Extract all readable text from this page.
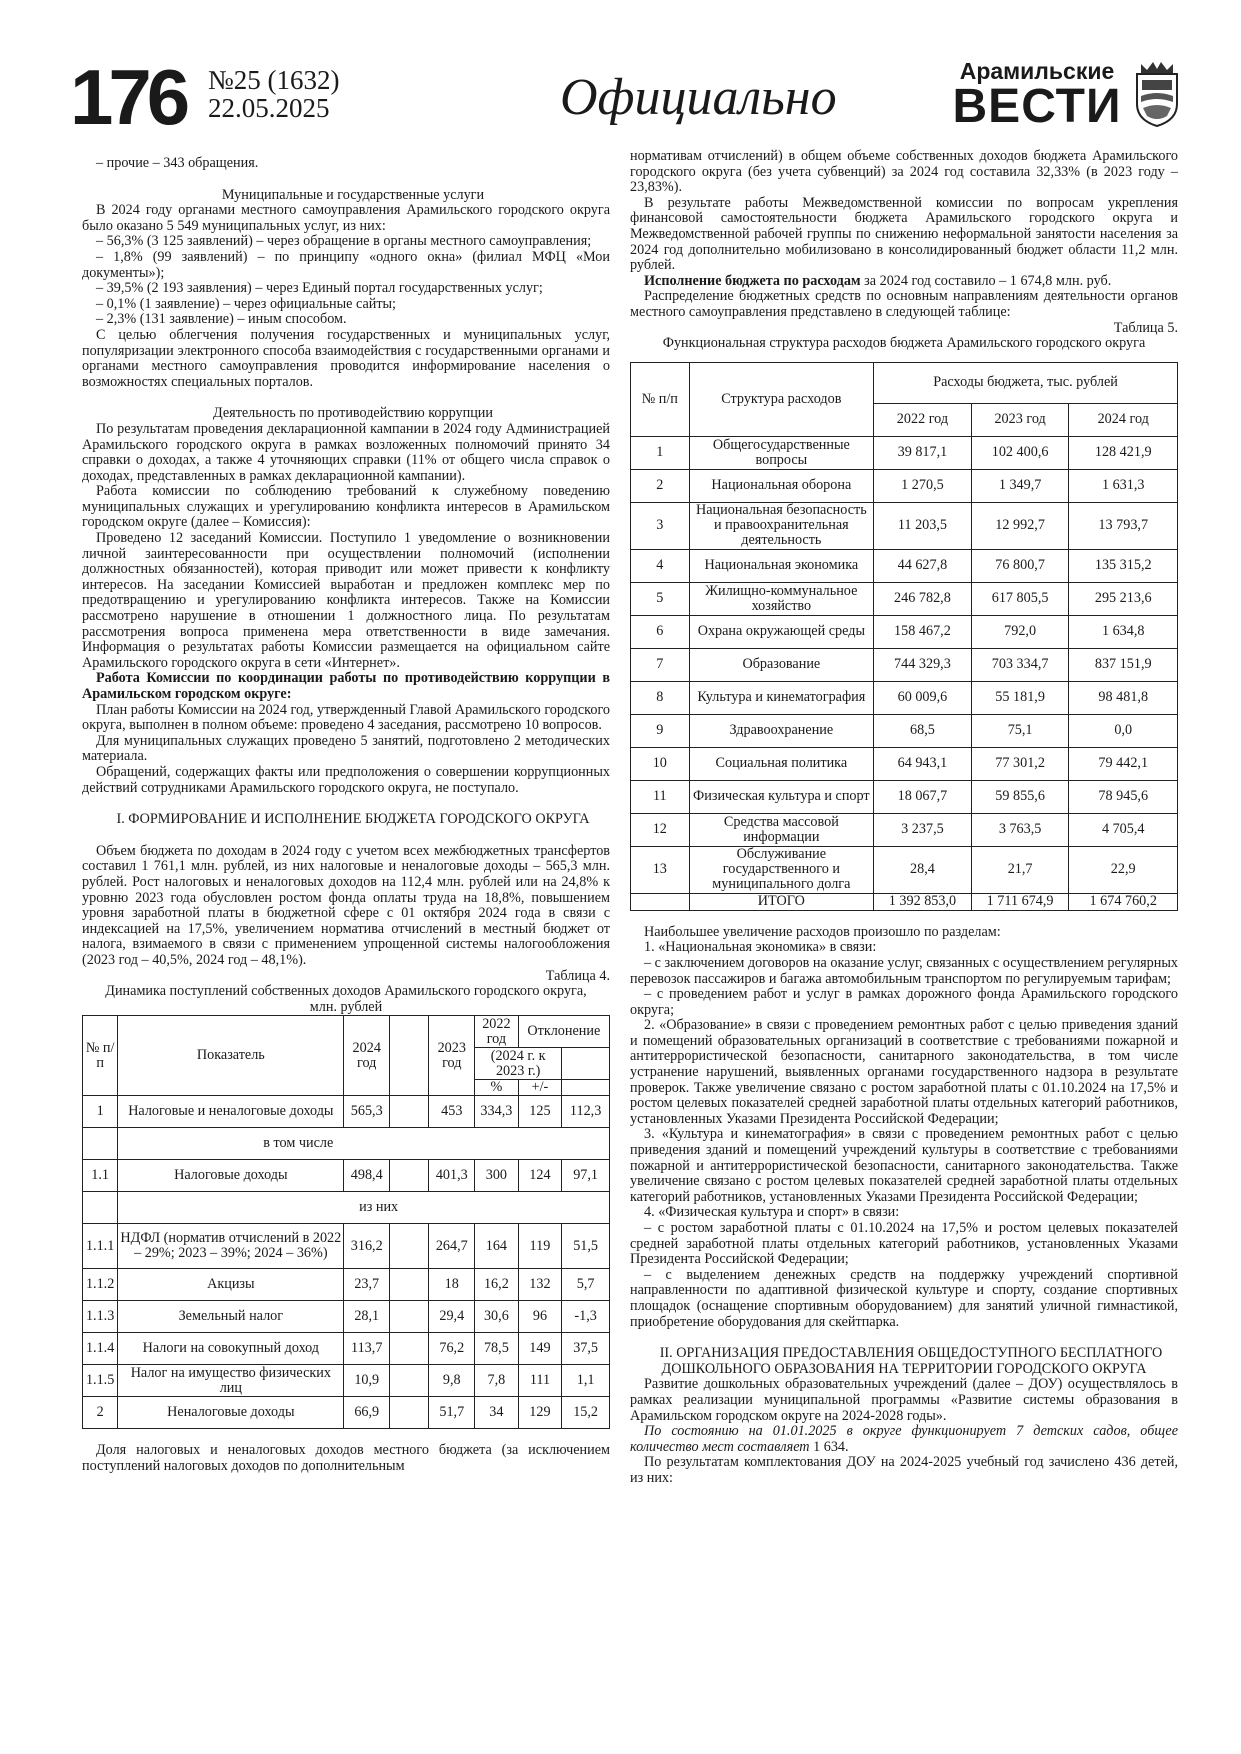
176 №25 (1632)
22.05.2025	Официально	Арамильские
ВЕСТИ

– прочие – 343 обращения.

Муниципальные и государственные услуги

В 2024 году органами местного самоуправления Арамильского городского округа было оказано 5 549 муниципальных услуг, из них:

– 56,3% (3 125 заявлений) – через обращение в органы местного самоуправления;

– 1,8% (99 заявлений) – по принципу «одного окна» (филиал МФЦ «Мои документы»);

– 39,5% (2 193 заявления) – через Единый портал государственных услуг;

– 0,1% (1 заявление) – через официальные сайты;

– 2,3% (131 заявление) – иным способом.

С целью облегчения получения государственных и муниципальных услуг, популяризации электронного способа взаимодействия с государственными органами и органами местного самоуправления проводится информирование населения о возможностях специальных порталов.

Деятельность по противодействию коррупции

По результатам проведения декларационной кампании в 2024 году Администрацией Арамильского городского округа в рамках возложенных полномочий принято 34 справки о доходах, а также 4 уточняющих справки (11% от общего числа справок о доходах, представленных в рамках декларационной кампании).

Работа комиссии по соблюдению требований к служебному поведению муниципальных служащих и урегулированию конфликта интересов в Арамильском городском округе (далее – Комиссия):

Проведено 12 заседаний Комиссии. Поступило 1 уведомление о возникновении личной заинтересованности при осуществлении полномочий (исполнении должностных обязанностей), которая приводит или может привести к конфликту интересов. На заседании Комиссией выработан и предложен комплекс мер по предотвращению и урегулированию конфликта интересов. Также на Комиссии рассмотрено нарушение в отношении 1 должностного лица. По результатам рассмотрения вопроса применена мера ответственности в виде замечания. Информация о результатах работы Комиссии размещается на официальном сайте Арамильского городского округа в сети «Интернет».

Работа Комиссии по координации работы по противодействию коррупции в Арамильском городском округе:

План работы Комиссии на 2024 год, утвержденный Главой Арамильского городского округа, выполнен в полном объеме: проведено 4 заседания, рассмотрено 10 вопросов.

Для муниципальных служащих проведено 5 занятий, подготовлено 2 методических материала.

Обращений, содержащих факты или предположения о совершении коррупционных действий сотрудниками Арамильского городского округа, не поступало.

I. ФОРМИРОВАНИЕ И ИСПОЛНЕНИЕ БЮДЖЕТА ГОРОДСКОГО ОКРУГА

Объем бюджета по доходам в 2024 году с учетом всех межбюджетных трансфертов составил 1 761,1 млн. рублей, из них налоговые и неналоговые доходы – 565,3 млн. рублей. Рост налоговых и неналоговых доходов на 112,4 млн. рублей или на 24,8% к уровню 2023 года обусловлен ростом фонда оплаты труда на 18,8%, повышением уровня заработной платы в бюджетной сфере с 01 октября 2024 года в связи с индексацией на 17,5%, увеличением норматива отчислений в местный бюджет от налога, взимаемого в связи с применением упрощенной системы налогообложения (2023 год – 40,5%, 2024 год – 48,1%).

Таблица 4.

Динамика поступлений собственных доходов Арамильского городского округа,

млн. рублей

№ п/п	Показатель	2024 год		2023 год	2022 год	Отклонение	
					(2024 г. к 2023 г.)		
					%	+/-	
1	Налоговые и неналоговые доходы	565,3		453	334,3	125	112,3
	в том числе						
1.1	Налоговые доходы	498,4		401,3	300	124	97,1
	из них						
1.1.1	НДФЛ (норматив отчислений в 2022 – 29%; 2023 – 39%; 2024 – 36%)	316,2		264,7	164	119	51,5
1.1.2	Акцизы	23,7		18	16,2	132	5,7
1.1.3	Земельный налог	28,1		29,4	30,6	96	-1,3
1.1.4	Налоги на совокупный доход	113,7		76,2	78,5	149	37,5
1.1.5	Налог на имущество физических лиц	10,9		9,8	7,8	111	1,1
2	Неналоговые доходы	66,9		51,7	34	129	15,2

Доля налоговых и неналоговых доходов местного бюджета (за исключением поступлений налоговых доходов по дополнительным

нормативам отчислений) в общем объеме собственных доходов бюджета Арамильского городского округа (без учета субвенций) за 2024 год составила 32,33% (в 2023 году – 23,83%).

В результате работы Межведомственной комиссии по вопросам укрепления финансовой самостоятельности бюджета Арамильского городского округа и Межведомственной рабочей группы по снижению неформальной занятости населения за 2024 год дополнительно мобилизовано в консолидированный бюджет области 11,2 млн. рублей.

Исполнение бюджета по расходам за 2024 год составило – 1 674,8 млн. руб.

Распределение бюджетных средств по основным направлениям деятельности органов местного самоуправления представлено в следующей таблице:

Таблица 5.

Функциональная структура расходов бюджета Арамильского городского округа

№ п/п	Структура расходов	Расходы бюджета, тыс. рублей		
		2022 год	2023 год	2024 год
1	Общегосударственные вопросы	39 817,1	102 400,6	128 421,9
2	Национальная оборона	1 270,5	1 349,7	1 631,3
3	Национальная безопасность и правоохранительная деятельность	11 203,5	12 992,7	13 793,7
4	Национальная экономика	44 627,8	76 800,7	135 315,2
5	Жилищно-коммунальное хозяйство	246 782,8	617 805,5	295 213,6
6	Охрана окружающей среды	158 467,2	792,0	1 634,8
7	Образование	744 329,3	703 334,7	837 151,9
8	Культура и кинематография	60 009,6	55 181,9	98 481,8
9	Здравоохранение	68,5	75,1	0,0
10	Социальная политика	64 943,1	77 301,2	79 442,1
11	Физическая культура и спорт	18 067,7	59 855,6	78 945,6
12	Средства массовой информации	3 237,5	3 763,5	4 705,4
13	Обслуживание государственного и муниципального долга	28,4	21,7	22,9
	ИТОГО	1 392 853,0	1 711 674,9	1 674 760,2

Наибольшее увеличение расходов произошло по разделам:

1. «Национальная экономика» в связи:

– с заключением договоров на оказание услуг, связанных с осуществлением регулярных перевозок пассажиров и багажа автомобильным транспортом по регулируемым тарифам;

– с проведением работ и услуг в рамках дорожного фонда Арамильского городского округа;

2. «Образование» в связи с проведением ремонтных работ с целью приведения зданий и помещений образовательных организаций в соответствие с требованиями пожарной и антитеррористической безопасности, санитарного законодательства, в том числе устранение нарушений, выявленных органами государственного надзора в результате проверок. Также увеличение связано с ростом заработной платы с 01.10.2024 на 17,5% и ростом целевых показателей средней заработной платы отдельных категорий работников, установленных Указами Президента Российской Федерации;

3. «Культура и кинематография» в связи с проведением ремонтных работ с целью приведения зданий и помещений учреждений культуры в соответствие с требованиями пожарной и антитеррористической безопасности, санитарного законодательства. Также увеличение связано с ростом целевых показателей средней заработной платы отдельных категорий работников, установленных Указами Президента Российской Федерации;

4. «Физическая культура и спорт» в связи:

– с ростом заработной платы с 01.10.2024 на 17,5% и ростом целевых показателей средней заработной платы отдельных категорий работников, установленных Указами Президента Российской Федерации;

– с выделением денежных средств на поддержку учреждений спортивной направленности по адаптивной физической культуре и спорту, создание спортивных площадок (оснащение спортивным оборудованием) для занятий уличной гимнастикой, приобретение оборудования для скейтпарка.

II. ОРГАНИЗАЦИЯ ПРЕДОСТАВЛЕНИЯ ОБЩЕДОСТУПНОГО БЕСПЛАТНОГО ДОШКОЛЬНОГО ОБРАЗОВАНИЯ НА ТЕРРИТОРИИ ГОРОДСКОГО ОКРУГА

Развитие дошкольных образовательных учреждений (далее – ДОУ) осуществлялось в рамках реализации муниципальной программы «Развитие системы образования в Арамильском городском округе на 2024-2028 годы».

По состоянию на 01.01.2025 в округе функционирует 7 детских садов, общее количество мест составляет 1 634.

По результатам комплектования ДОУ на 2024-2025 учебный год зачислено 436 детей, из них:
